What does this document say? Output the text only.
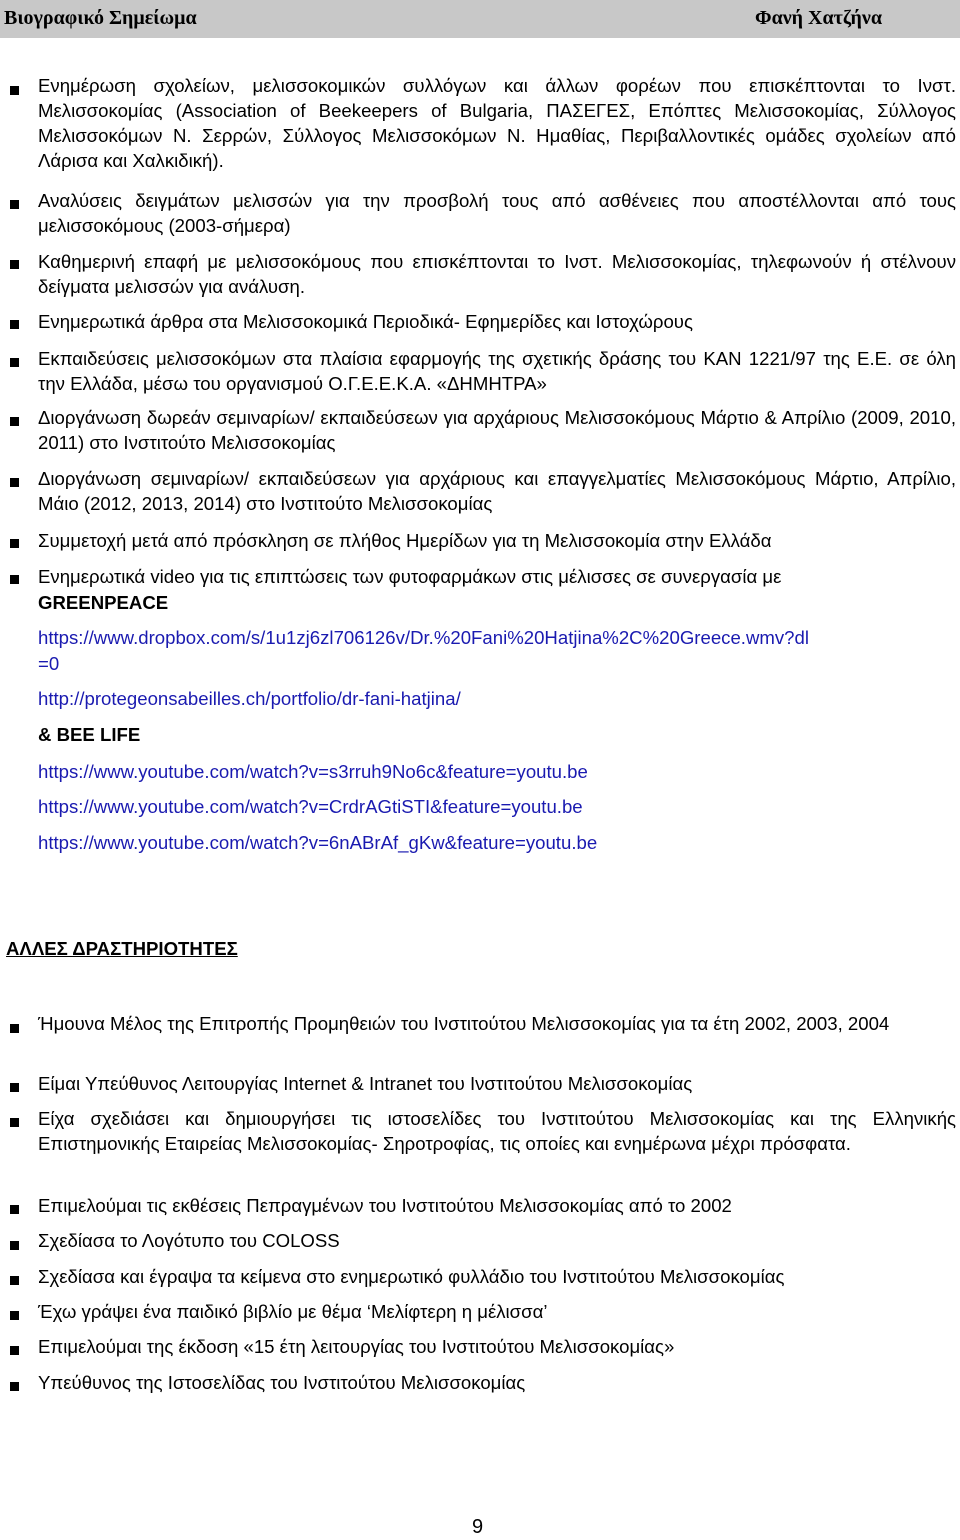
Βιογραφικό Σημείωμα	Φανή Χατζήνα
Ενημέρωση σχολείων, μελισσοκομικών συλλόγων και άλλων φορέων που επισκέπτονται το Ινστ. Μελισσοκομίας (Association of Beekeepers of Bulgaria, ΠΑΣΕΓΕΣ, Επόπτες Μελισσοκομίας, Σύλλογος Μελισσοκόμων Ν. Σερρών, Σύλλογος Μελισσοκόμων Ν. Ημαθίας, Περιβαλλοντικές ομάδες σχολείων από Λάρισα και Χαλκιδική).
Αναλύσεις δειγμάτων μελισσών για την προσβολή τους από ασθένειες που αποστέλλονται από τους μελισσοκόμους (2003-σήμερα)
Καθημερινή επαφή με μελισσοκόμους που επισκέπτονται το Ινστ. Μελισσοκομίας, τηλεφωνούν ή στέλνουν δείγματα μελισσών για ανάλυση.
Ενημερωτικά άρθρα στα Μελισσοκομικά Περιοδικά- Εφημερίδες και Ιστοχώρους
Εκπαιδεύσεις μελισσοκόμων στα πλαίσια εφαρμογής της σχετικής δράσης του ΚΑΝ 1221/97 της Ε.Ε. σε όλη την Ελλάδα, μέσω του οργανισμού Ο.Γ.Ε.Ε.Κ.Α. «ΔΗΜΗΤΡΑ»
Διοργάνωση δωρεάν σεμιναρίων/ εκπαιδεύσεων για αρχάριους Μελισσοκόμους Μάρτιο & Απρίλιο (2009, 2010, 2011) στο Ινστιτούτο Μελισσοκομίας
Διοργάνωση σεμιναρίων/ εκπαιδεύσεων για αρχάριους και επαγγελματίες Μελισσοκόμους Μάρτιο, Απρίλιο, Μάιο (2012, 2013, 2014) στο Ινστιτούτο Μελισσοκομίας
Συμμετοχή μετά από πρόσκληση σε πλήθος Ημερίδων για τη Μελισσοκομία στην Ελλάδα
Ενημερωτικά video για τις επιπτώσεις των φυτοφαρμάκων στις μέλισσες σε συνεργασία με
GREENPEACE
https://www.dropbox.com/s/1u1zj6zl706126v/Dr.%20Fani%20Hatjina%2C%20Greece.wmv?dl
=0
http://protegeonsabeilles.ch/portfolio/dr-fani-hatjina/
& BEE LIFE
https://www.youtube.com/watch?v=s3rruh9No6c&feature=youtu.be
https://www.youtube.com/watch?v=CrdrAGtiSTI&feature=youtu.be
https://www.youtube.com/watch?v=6nABrAf_gKw&feature=youtu.be
ΑΛΛΕΣ ΔΡΑΣΤΗΡΙΟΤΗΤΕΣ
Ήμουνα Μέλος της Επιτροπής Προμηθειών του Ινστιτούτου Μελισσοκομίας για τα έτη 2002, 2003, 2004
Είμαι Υπεύθυνος Λειτουργίας Internet & Intranet του Ινστιτούτου Μελισσοκομίας
Είχα σχεδιάσει και δημιουργήσει τις ιστοσελίδες του Ινστιτούτου Μελισσοκομίας και της Ελληνικής Επιστημονικής Εταιρείας Μελισσοκομίας- Σηροτροφίας, τις οποίες και ενημέρωνα μέχρι πρόσφατα.
Επιμελούμαι τις εκθέσεις Πεπραγμένων του Ινστιτούτου Μελισσοκομίας από το 2002
Σχεδίασα το Λογότυπο του COLOSS
Σχεδίασα και έγραψα τα κείμενα στο ενημερωτικό φυλλάδιο του Ινστιτούτου Μελισσοκομίας
Έχω γράψει ένα παιδικό βιβλίο με θέμα ‘Μελίφτερη η μέλισσα’
Επιμελούμαι της έκδοση «15 έτη λειτουργίας του Ινστιτούτου Μελισσοκομίας»
Υπεύθυνος της Ιστοσελίδας του Ινστιτούτου Μελισσοκομίας
9
